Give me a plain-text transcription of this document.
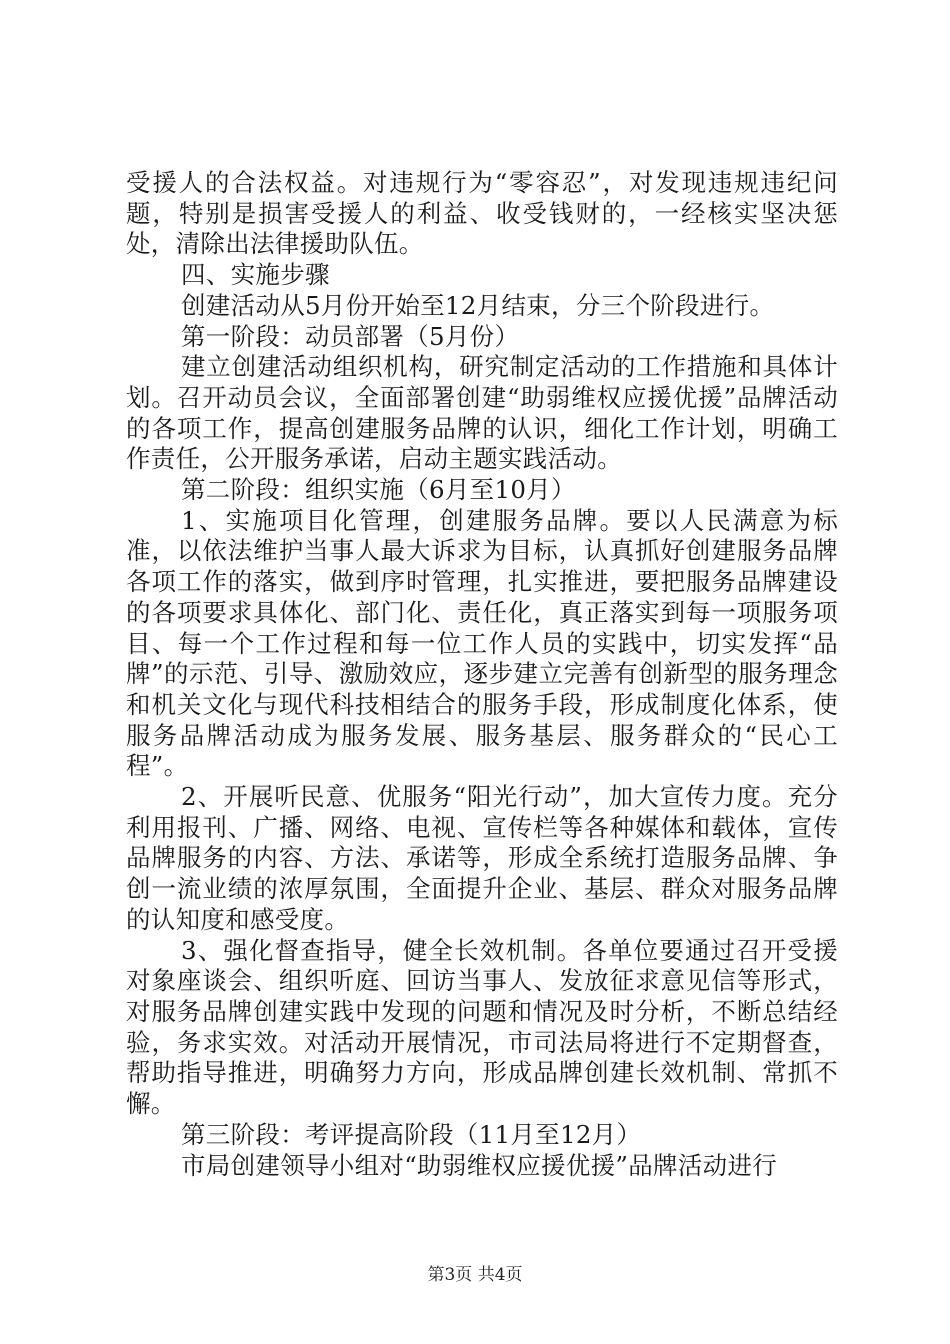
受援人的合法权益。对违规行为“零容忍”，对发现违规违纪问题，特别是损害受援人的利益、收受钱财的，一经核实坚决惩处，清除出法律援助队伍。

四、实施步骤

创建活动从5月份开始至12月结束，分三个阶段进行。

第一阶段：动员部署（5月份）

建立创建活动组织机构，研究制定活动的工作措施和具体计划。召开动员会议，全面部署创建“助弱维权应援优援”品牌活动的各项工作，提高创建服务品牌的认识，细化工作计划，明确工作责任，公开服务承诺，启动主题实践活动。

第二阶段：组织实施（6月至10月）

1、实施项目化管理，创建服务品牌。要以人民满意为标准，以依法维护当事人最大诉求为目标，认真抓好创建服务品牌各项工作的落实，做到序时管理，扎实推进，要把服务品牌建设的各项要求具体化、部门化、责任化，真正落实到每一项服务项目、每一个工作过程和每一位工作人员的实践中，切实发挥“品牌”的示范、引导、激励效应，逐步建立完善有创新型的服务理念和机关文化与现代科技相结合的服务手段，形成制度化体系，使服务品牌活动成为服务发展、服务基层、服务群众的“民心工程”。

2、开展听民意、优服务“阳光行动”，加大宣传力度。充分利用报刊、广播、网络、电视、宣传栏等各种媒体和载体，宣传品牌服务的内容、方法、承诺等，形成全系统打造服务品牌、争创一流业绩的浓厚氛围，全面提升企业、基层、群众对服务品牌的认知度和感受度。

3、强化督查指导，健全长效机制。各单位要通过召开受援对象座谈会、组织听庭、回访当事人、发放征求意见信等形式，对服务品牌创建实践中发现的问题和情况及时分析，不断总结经验，务求实效。对活动开展情况，市司法局将进行不定期督查，帮助指导推进，明确努力方向，形成品牌创建长效机制、常抓不懈。

第三阶段：考评提高阶段（11月至12月）

市局创建领导小组对“助弱维权应援优援”品牌活动进行

第3页 共4页
